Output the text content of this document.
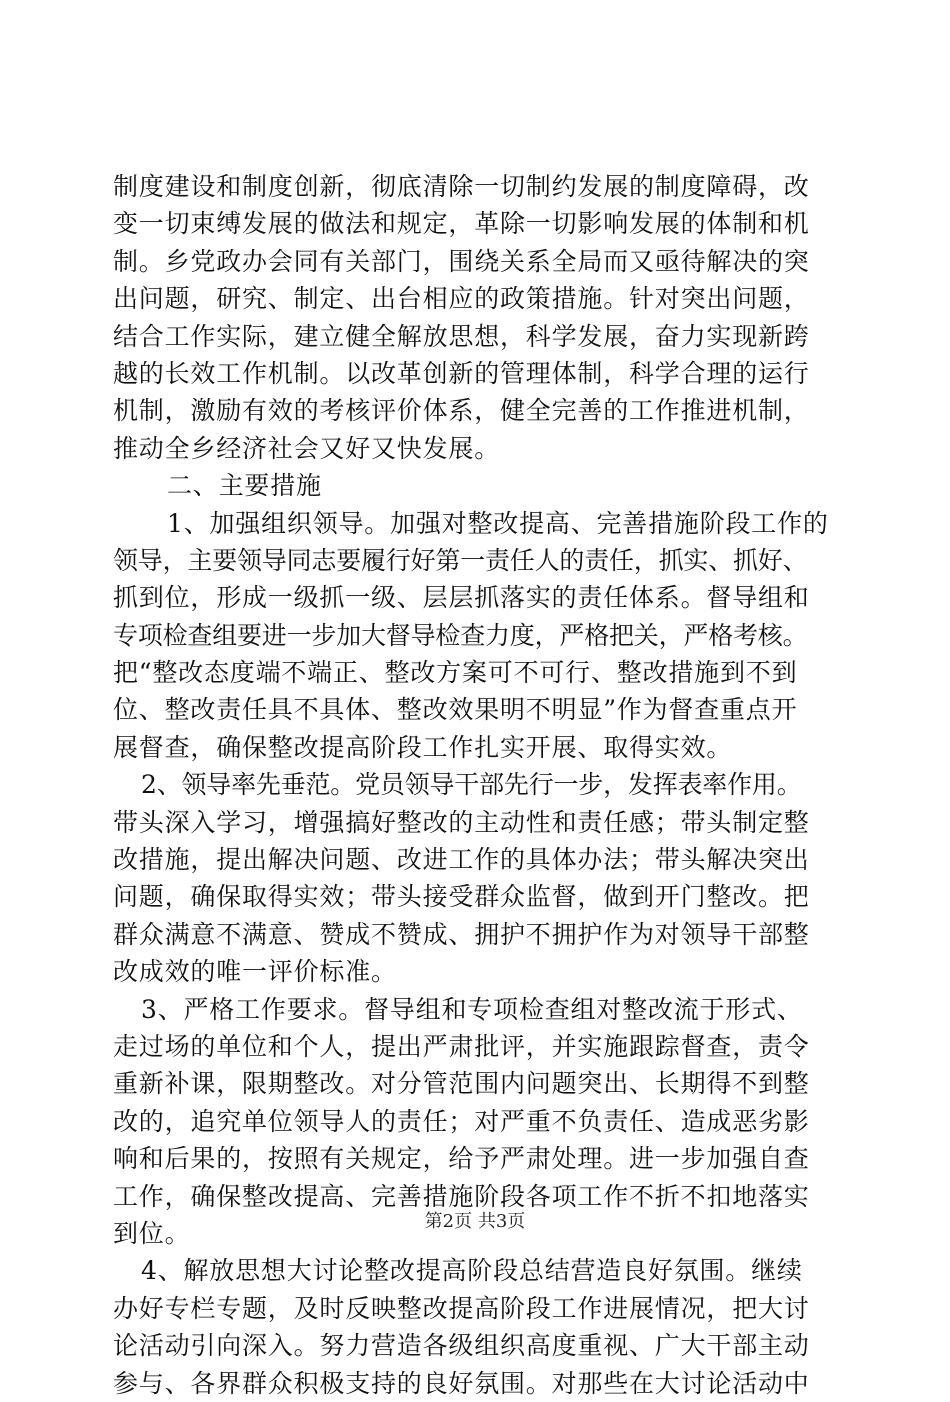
制度建设和制度创新，彻底清除一切制约发展的制度障碍，改
变一切束缚发展的做法和规定，革除一切影响发展的体制和机
制。乡党政办会同有关部门，围绕关系全局而又亟待解决的突
出问题，研究、制定、出台相应的政策措施。针对突出问题，
结合工作实际，建立健全解放思想，科学发展，奋力实现新跨
越的长效工作机制。以改革创新的管理体制，科学合理的运行
机制，激励有效的考核评价体系，健全完善的工作推进机制，
推动全乡经济社会又好又快发展。
二、主要措施
1、加强组织领导。加强对整改提高、完善措施阶段工作的
领导，主要领导同志要履行好第一责任人的责任，抓实、抓好、
抓到位，形成一级抓一级、层层抓落实的责任体系。督导组和
专项检查组要进一步加大督导检查力度，严格把关，严格考核。
把“整改态度端不端正、整改方案可不可行、整改措施到不到
位、整改责任具不具体、整改效果明不明显”作为督查重点开
展督查，确保整改提高阶段工作扎实开展、取得实效。
2、领导率先垂范。党员领导干部先行一步，发挥表率作用。
带头深入学习，增强搞好整改的主动性和责任感；带头制定整
改措施，提出解决问题、改进工作的具体办法；带头解决突出
问题，确保取得实效；带头接受群众监督，做到开门整改。把
群众满意不满意、赞成不赞成、拥护不拥护作为对领导干部整
改成效的唯一评价标准。
3、严格工作要求。督导组和专项检查组对整改流于形式、
走过场的单位和个人，提出严肃批评，并实施跟踪督查，责令
重新补课，限期整改。对分管范围内问题突出、长期得不到整
改的，追究单位领导人的责任；对严重不负责任、造成恶劣影
响和后果的，按照有关规定，给予严肃处理。进一步加强自查
工作，确保整改提高、完善措施阶段各项工作不折不扣地落实
到位。
4、解放思想大讨论整改提高阶段总结营造良好氛围。继续
办好专栏专题，及时反映整改提高阶段工作进展情况，把大讨
论活动引向深入。努力营造各级组织高度重视、广大干部主动
参与、各界群众积极支持的良好氛围。对那些在大讨论活动中
第2页 共3页
